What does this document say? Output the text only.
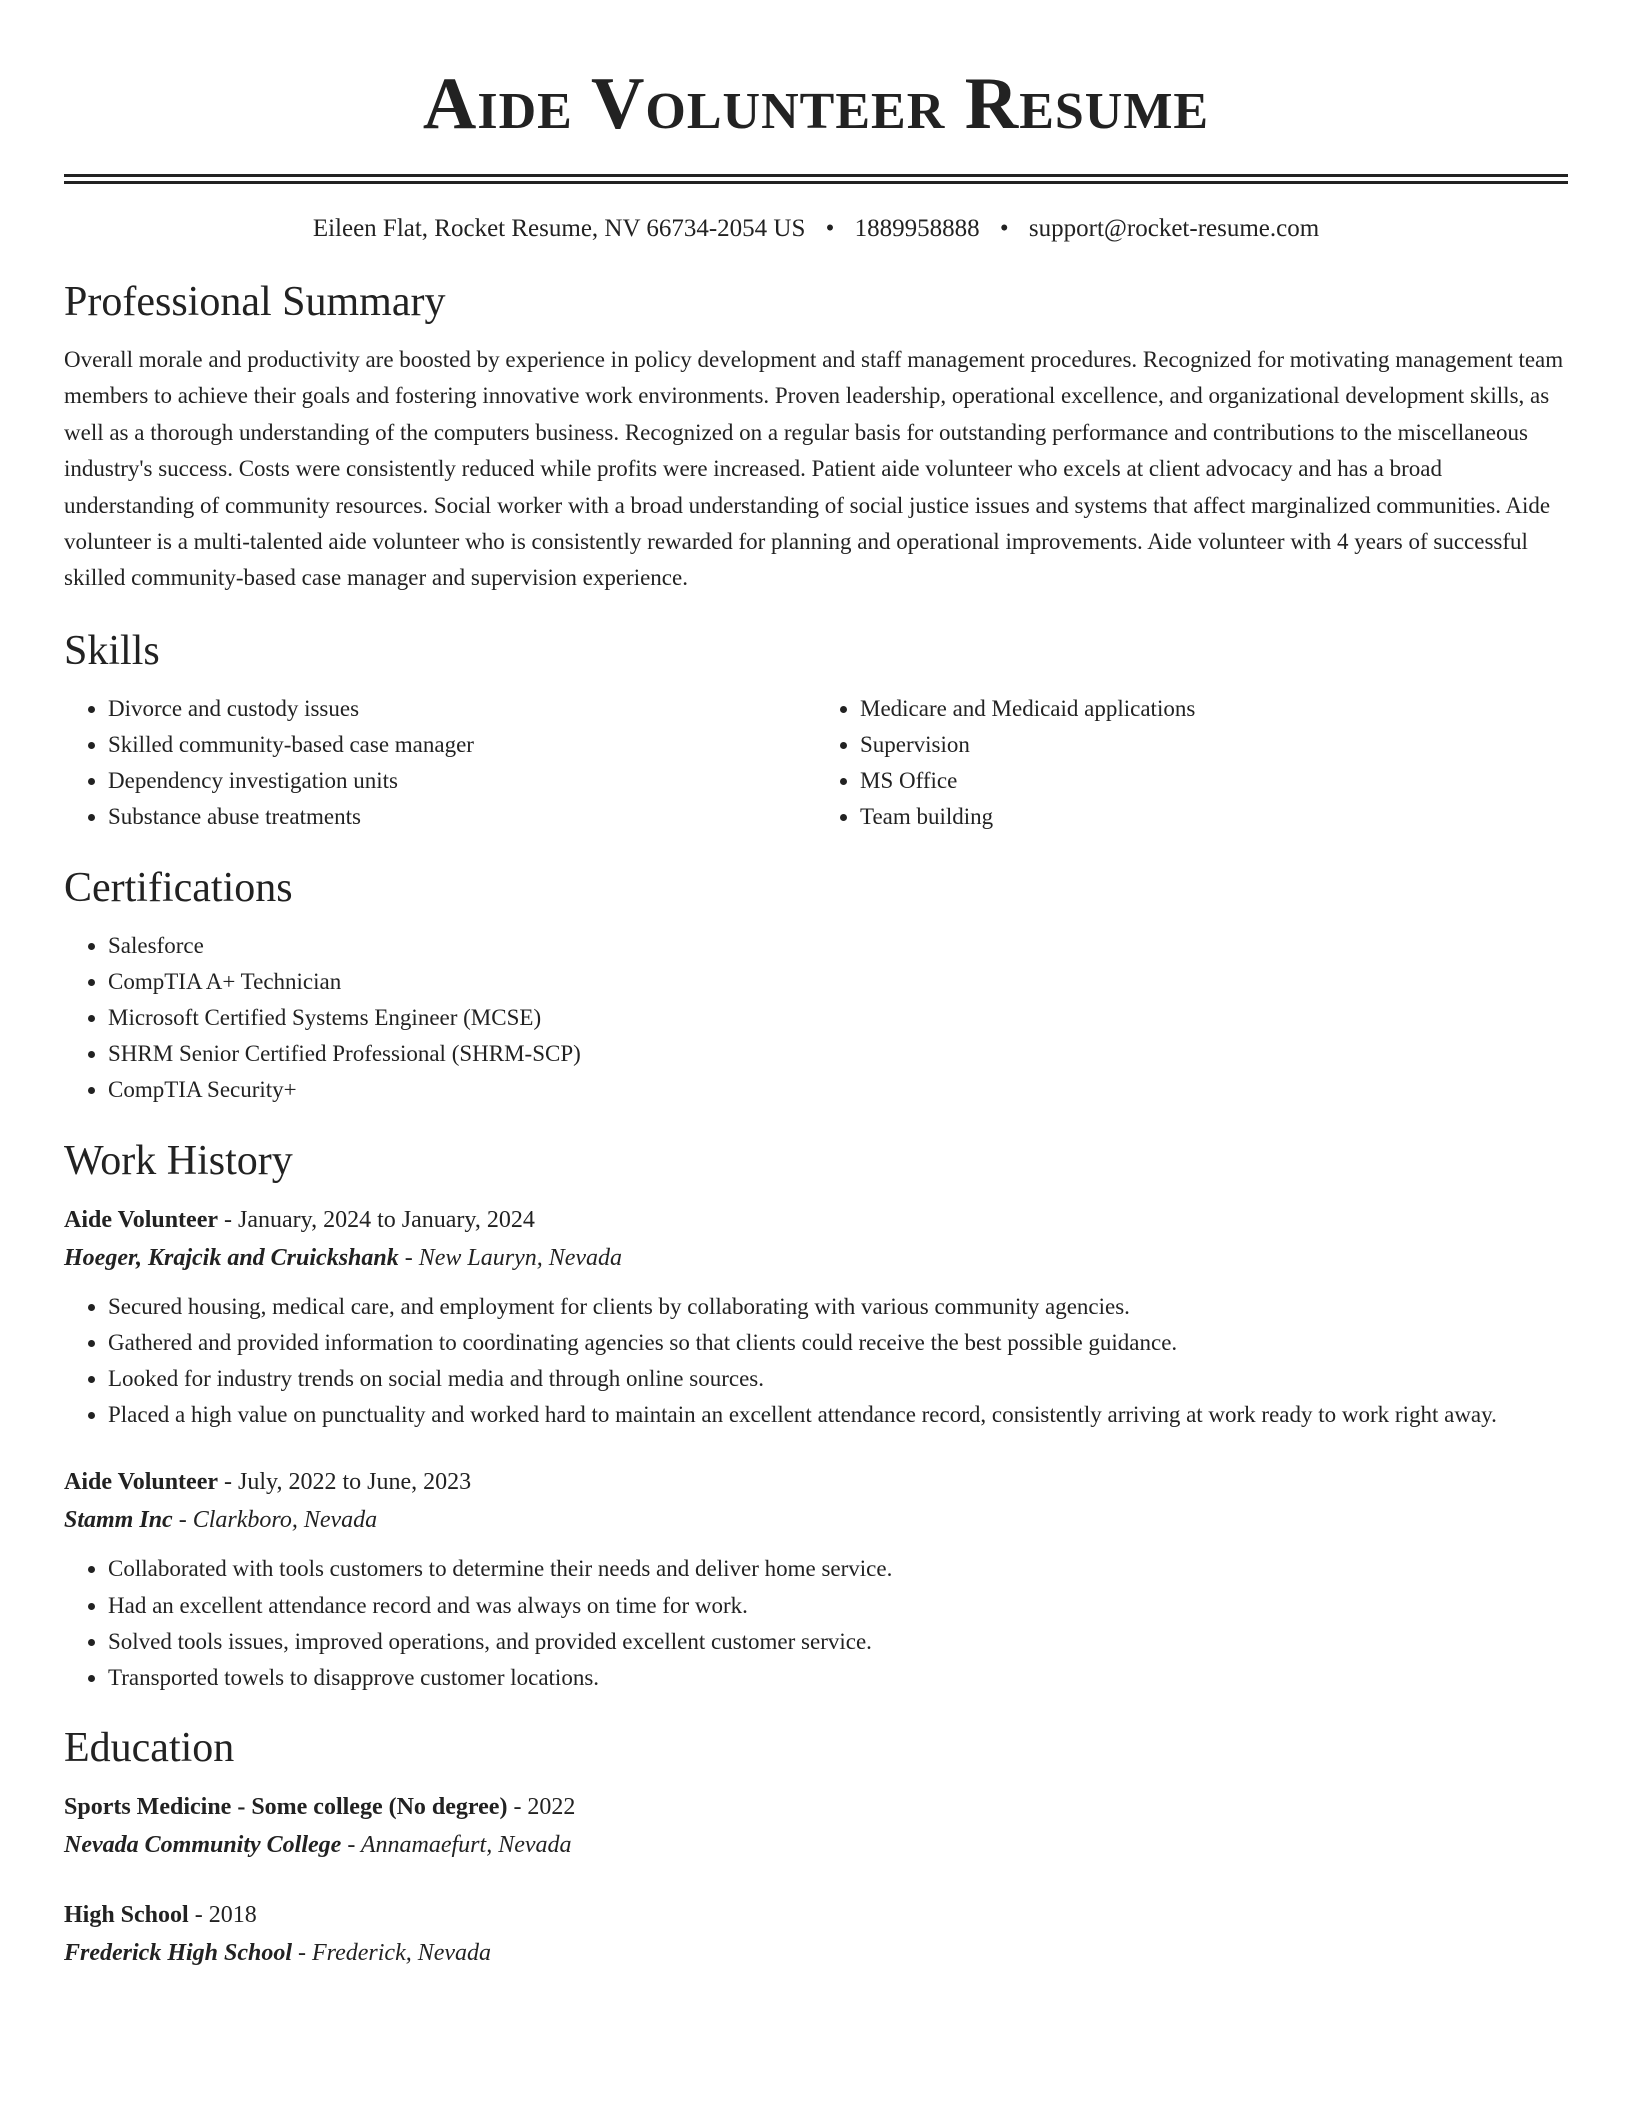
Aide Volunteer Resume
Eileen Flat, Rocket Resume, NV 66734-2054 US • 1889958888 • support@rocket-resume.com
Professional Summary

Overall morale and productivity are boosted by experience in policy development and staff management procedures. Recognized for motivating management team members to achieve their goals and fostering innovative work environments. Proven leadership, operational excellence, and organizational development skills, as well as a thorough understanding of the computers business. Recognized on a regular basis for outstanding performance and contributions to the miscellaneous industry's success. Costs were consistently reduced while profits were increased. Patient aide volunteer who excels at client advocacy and has a broad understanding of community resources. Social worker with a broad understanding of social justice issues and systems that affect marginalized communities. Aide volunteer is a multi-talented aide volunteer who is consistently rewarded for planning and operational improvements. Aide volunteer with 4 years of successful skilled community-based case manager and supervision experience.

Skills
• Divorce and custody issues
• Skilled community-based case manager
• Dependency investigation units
• Substance abuse treatments
• Medicare and Medicaid applications
• Supervision
• MS Office
• Team building
Certifications
• Salesforce
• CompTIA A+ Technician
• Microsoft Certified Systems Engineer (MCSE)
• SHRM Senior Certified Professional (SHRM-SCP)
• CompTIA Security+
Work History
Aide Volunteer - January, 2024 to January, 2024
Hoeger, Krajcik and Cruickshank - New Lauryn, Nevada
• Secured housing, medical care, and employment for clients by collaborating with various community agencies.
• Gathered and provided information to coordinating agencies so that clients could receive the best possible guidance.
• Looked for industry trends on social media and through online sources.
• Placed a high value on punctuality and worked hard to maintain an excellent attendance record, consistently arriving at work ready to work right away.
Aide Volunteer - July, 2022 to June, 2023
Stamm Inc - Clarkboro, Nevada
• Collaborated with tools customers to determine their needs and deliver home service.
• Had an excellent attendance record and was always on time for work.
• Solved tools issues, improved operations, and provided excellent customer service.
• Transported towels to disapprove customer locations.
Education
Sports Medicine - Some college (No degree) - 2022
Nevada Community College - Annamaefurt, Nevada
High School - 2018
Frederick High School - Frederick, Nevada
